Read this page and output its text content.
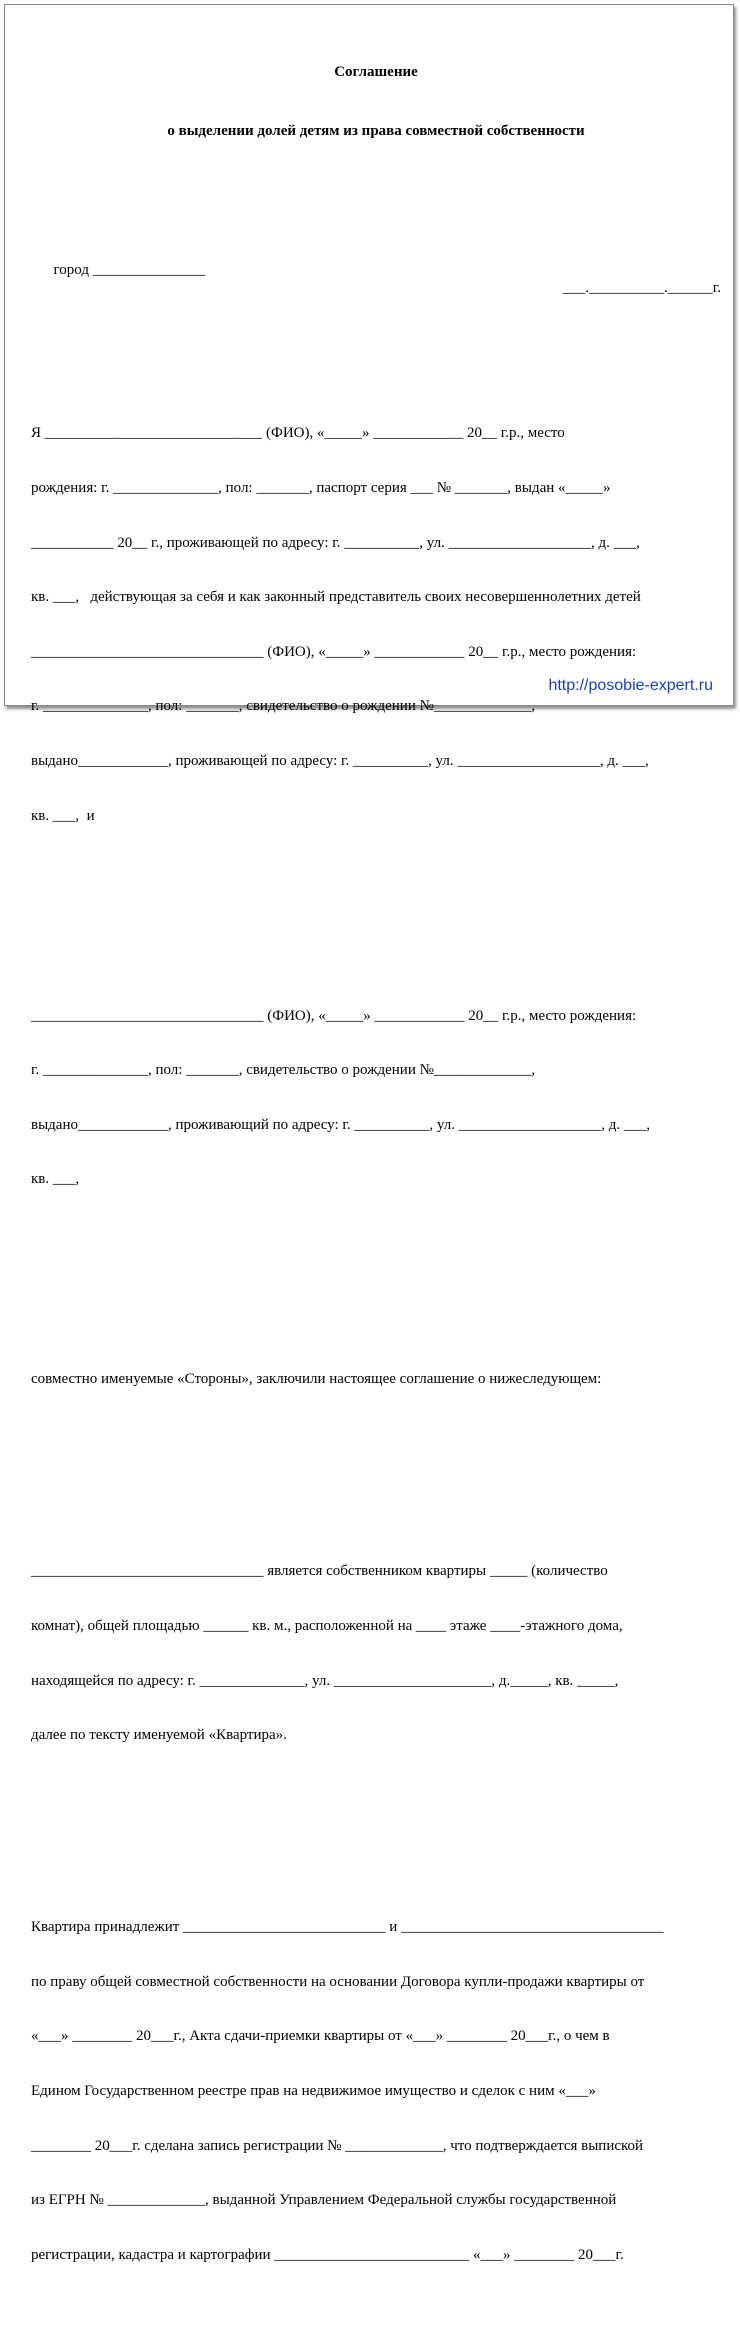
Соглашение

о выделении долей детям из права совместной собственности

город _______________

___.__________.______г.

Я _____________________________ (ФИО), «_____» ____________ 20__ г.р., место

рождения: г. ______________, пол: _______, паспорт серия ___ № _______, выдан «_____»

___________ 20__ г., проживающей по адресу: г. __________, ул. ___________________, д. ___,

кв. ___,   действующая за себя и как законный представитель своих несовершеннолетних детей

_______________________________ (ФИО), «_____» ____________ 20__ г.р., место рождения:

г. ______________, пол: _______, свидетельство о рождении №_____________,

выдано____________, проживающей по адресу: г. __________, ул. ___________________, д. ___,

кв. ___,  и

_______________________________ (ФИО), «_____» ____________ 20__ г.р., место рождения:

г. ______________, пол: _______, свидетельство о рождении №_____________,

выдано____________, проживающий по адресу: г. __________, ул. ___________________, д. ___,

кв. ___,

совместно именуемые «Стороны», заключили настоящее соглашение о нижеследующем:

_______________________________ является собственником квартиры _____ (количество

комнат), общей площадью ______ кв. м., расположенной на ____ этаже ____-этажного дома,

находящейся по адресу: г. ______________, ул. _____________________, д._____, кв. _____,

далее по тексту именуемой «Квартира».

Квартира принадлежит ___________________________ и ___________________________________

по праву общей совместной собственности на основании Договора купли-продажи квартиры от

«___» ________ 20___г., Акта сдачи-приемки квартиры от «___» ________ 20___г., о чем в

Едином Государственном реестре прав на недвижимое имущество и сделок с ним «___»

________ 20___г. сделана запись регистрации № _____________, что подтверждается выпиской

из ЕГРН № _____________, выданной Управлением Федеральной службы государственной

регистрации, кадастра и картографии __________________________ «___» ________ 20___г.

http://posobie-expert.ru
